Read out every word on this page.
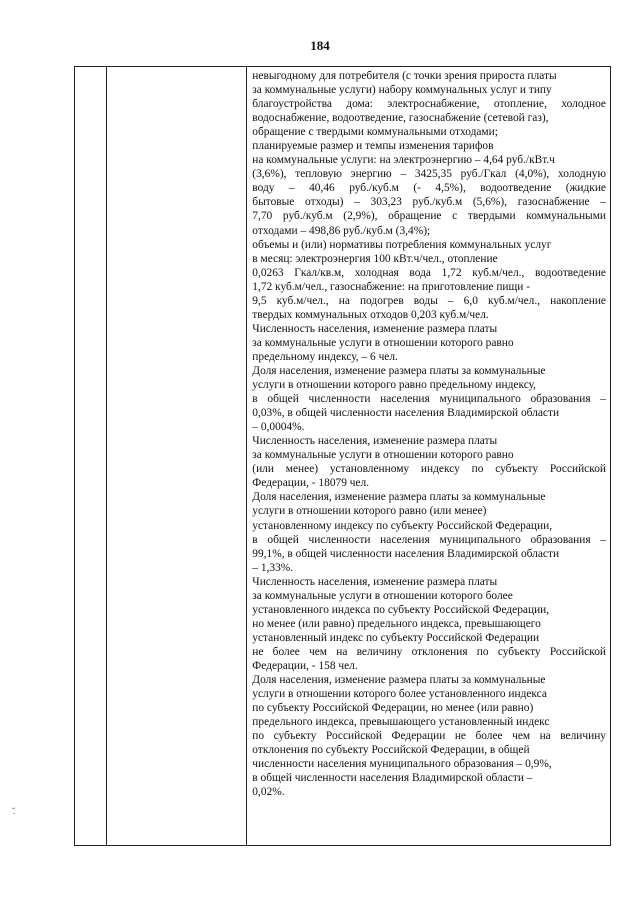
184

невыгодному для потребителя (с точки зрения прироста платы
за коммунальные услуги) набору коммунальных услуг и типу
благоустройства дома: электроснабжение, отопление, холодное
водоснабжение, водоотведение, газоснабжение (сетевой газ),
обращение с твердыми коммунальными отходами;
планируемые размер и темпы изменения тарифов
на коммунальные услуги: на электроэнергию – 4,64 руб./кВт.ч
(3,6%), тепловую энергию – 3425,35 руб./Гкал (4,0%), холодную
воду – 40,46 руб./куб.м (- 4,5%), водоотведение (жидкие
бытовые отходы) – 303,23 руб./куб.м (5,6%), газоснабжение –
7,70 руб./куб.м (2,9%), обращение с твердыми коммунальными
отходами – 498,86 руб./куб.м (3,4%);
объемы и (или) нормативы потребления коммунальных услуг
в месяц: электроэнергия 100 кВт.ч/чел., отопление
0,0263 Гкал/кв.м, холодная вода 1,72 куб.м/чел., водоотведение
1,72 куб.м/чел., газоснабжение: на приготовление пищи -
9,5 куб.м/чел., на подогрев воды – 6,0 куб.м/чел., накопление
твердых коммунальных отходов 0,203 куб.м/чел.
Численность населения, изменение размера платы
за коммунальные услуги в отношении которого равно
предельному индексу, – 6 чел.
Доля населения, изменение размера платы за коммунальные
услуги в отношении которого равно предельному индексу,
в общей численности населения муниципального образования –
0,03%, в общей численности населения Владимирской области
– 0,0004%.
Численность населения, изменение размера платы
за коммунальные услуги в отношении которого равно
(или менее) установленному индексу по субъекту Российской
Федерации, - 18079 чел.
Доля населения, изменение размера платы за коммунальные
услуги в отношении которого равно (или менее)
установленному индексу по субъекту Российской Федерации,
в общей численности населения муниципального образования –
99,1%, в общей численности населения Владимирской области
– 1,33%.
Численность населения, изменение размера платы
за коммунальные услуги в отношении которого более
установленного индекса по субъекту Российской Федерации,
но менее (или равно) предельного индекса, превышающего
установленный индекс по субъекту Российской Федерации
не более чем на величину отклонения по субъекту Российской
Федерации, - 158 чел.
Доля населения, изменение размера платы за коммунальные
услуги в отношении которого более установленного индекса
по субъекту Российской Федерации, но менее (или равно)
предельного индекса, превышающего установленный индекс
по субъекту Российской Федерации не более чем на величину
отклонения по субъекту Российской Федерации, в общей
численности населения муниципального образования – 0,9%,
в общей численности населения Владимирской области –
0,02%.
ˇ.
